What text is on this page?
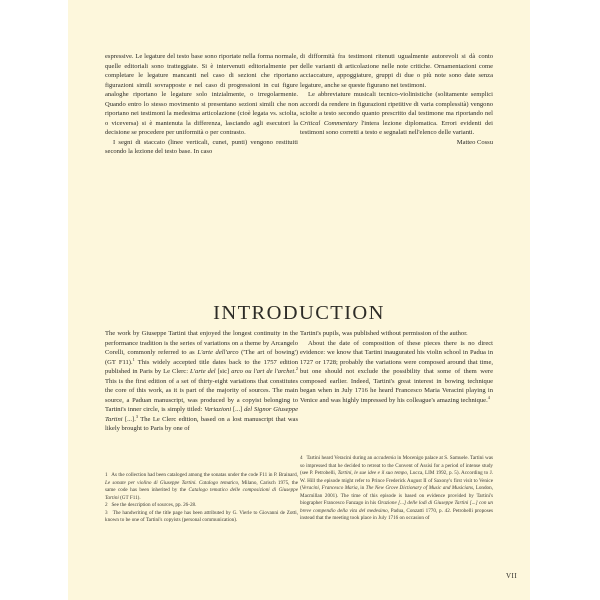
espressive. Le legature del testo base sono riportate nella forma normale, quelle editoriali sono tratteggiate. Si è intervenuti editorialmente per completare le legature mancanti nel caso di sezioni che riportano figurazioni simili sovrapposte e nel caso di progressioni in cui figure analoghe riportano le legature solo inizialmente, o irregolarmente. Quando entro lo stesso movimento si presentano sezioni simili che non riportano nei testimoni la medesima articolazione (cioè legata vs. sciolta, o viceversa) si è mantenuta la differenza, lasciando agli esecutori la decisione se procedere per uniformità o per contrasto.

I segni di staccato (linee verticali, cunei, punti) vengono restituiti secondo la lezione del testo base. In caso

di difformità fra testimoni ritenuti ugualmente autorevoli si dà conto delle varianti di articolazione nelle note critiche. Ornamentazioni come acciaccature, appoggiature, gruppi di due o più note sono date senza legature, anche se queste figurano nei testimoni.

Le abbreviature musicali tecnico-violinistiche (solitamente semplici accordi da rendere in figurazioni ripetitive di varia complessità) vengono sciolte a testo secondo quanto prescritto dal testimone ma riportando nel Critical Commentary l'intera lezione diplomatica. Errori evidenti dei testimoni sono corretti a testo e segnalati nell'elenco delle varianti.

Matteo Cossu

INTRODUCTION

The work by Giuseppe Tartini that enjoyed the longest continuity in the performance tradition is the series of variations on a theme by Arcangelo Corelli, commonly referred to as L'arte dell'arco ('The art of bowing') (GT F11).$^1$ This widely accepted title dates back to the 1757 edition published in Paris by Le Clerc: L'arte del [sic] arco ou l'art de l'archet.$^2$ This is the first edition of a set of thirty-eight variations that constitutes the core of this work, as it is part of the majority of sources. The main source, a Paduan manuscript, was produced by a copyist belonging to Tartini's inner circle, is simply titled: Variazioni [...] del Signor Giuseppe Tartini [...].$^3$ The Le Clerc edition, based on a lost manuscript that was likely brought to Paris by one of

Tartini's pupils, was published without permission of the author.

About the date of composition of these pieces there is no direct evidence: we know that Tartini inaugurated his violin school in Padua in 1727 or 1728; probably the variations were composed around that time, but one should not exclude the possibility that some of them were composed earlier. Indeed, Tartini's great interest in bowing technique began when in July 1716 he heard Francesco Maria Veracini playing in Venice and was highly impressed by his colleague's amazing technique.$^4$

1 As the collection had been cataloged among the sonatas under the code F11 in P. Brainard, Le sonate per violino di Giuseppe Tartini. Catalogo tematico, Milano, Carisch 1975, the same code has been inherited by the Catalogo tematico delle composizioni di Giuseppe Tartini (GT F11).

2 See the description of sources, pp. 26-28.

3 The handwriting of the title page has been attributed by G. Vierle to Giovanni de Zotti, known to be one of Tartini's copyists (personal communication).

4 Tartini heard Veracini during an accademia in Mocenigo palace at S. Samuele. Tartini was so impressed that he decided to retreat to the Convent of Assisi for a period of intense study (see P. Petrobelli, Tartini, le sue idee e il suo tempo, Lucca, LIM 1992, p. 5). According to J. W. Hill the episode might refer to Prince Frederick August II of Saxony's first visit to Venice (Veracini, Francesco Maria, in The New Grove Dictionary of Music and Musicians, London, Macmillan 2001). The time of this episode is based on evidence provided by Tartini's biographer Francesco Fanzago in his Orazione [...] delle lodi di Giuseppe Tartini [...] con un breve compendio della vita del medesimo, Padua, Conzatti 1770, p. 42. Petrobelli proposes instead that the meeting took place in July 1716 on occasion of

VII
